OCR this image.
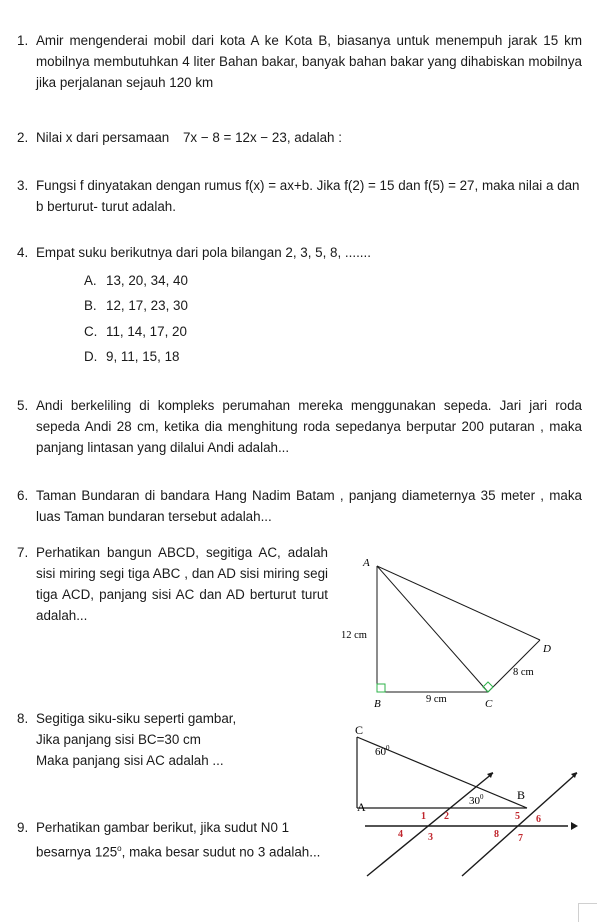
1. Amir mengenderai mobil dari kota A ke Kota B, biasanya untuk menempuh jarak 15 km mobilnya membutuhkan 4 liter Bahan bakar, banyak bahan bakar yang dihabiskan mobilnya jika perjalanan sejauh 120 km
2. Nilai x dari persamaan 7x − 8 = 12x − 23, adalah :
3. Fungsi f dinyatakan dengan rumus f(x) = ax+b. Jika f(2) = 15 dan f(5) = 27, maka nilai a dan b berturut- turut adalah.
4. Empat suku berikutnya dari pola bilangan 2, 3, 5, 8, .......
A. 13, 20, 34, 40
B. 12, 17, 23, 30
C. 11, 14, 17, 20
D. 9, 11, 15, 18
5. Andi berkeliling di kompleks perumahan mereka menggunakan sepeda. Jari jari roda sepeda Andi 28 cm, ketika dia menghitung roda sepedanya berputar 200 putaran , maka panjang lintasan yang dilalui Andi adalah...
6. Taman Bundaran di bandara Hang Nadim Batam , panjang diameternya 35 meter , maka luas Taman bundaran tersebut adalah...
7. Perhatikan bangun ABCD, segitiga AC, adalah sisi miring segi tiga ABC , dan AD sisi miring segi tiga ACD, panjang sisi AC dan AD berturut turut adalah...
A
B	C
D
12 cm
9 cm
8 cm
8. Segitiga siku-siku seperti gambar,
Jika panjang sisi BC=30 cm
Maka panjang sisi AC adalah ...
9. Perhatikan gambar berikut, jika sudut N0 1
besarnya 125$^o$, maka besar sudut no 3 adalah...
C
A
B
$60^0$
$30^0$
1 2
3
4
5 6
7
8
